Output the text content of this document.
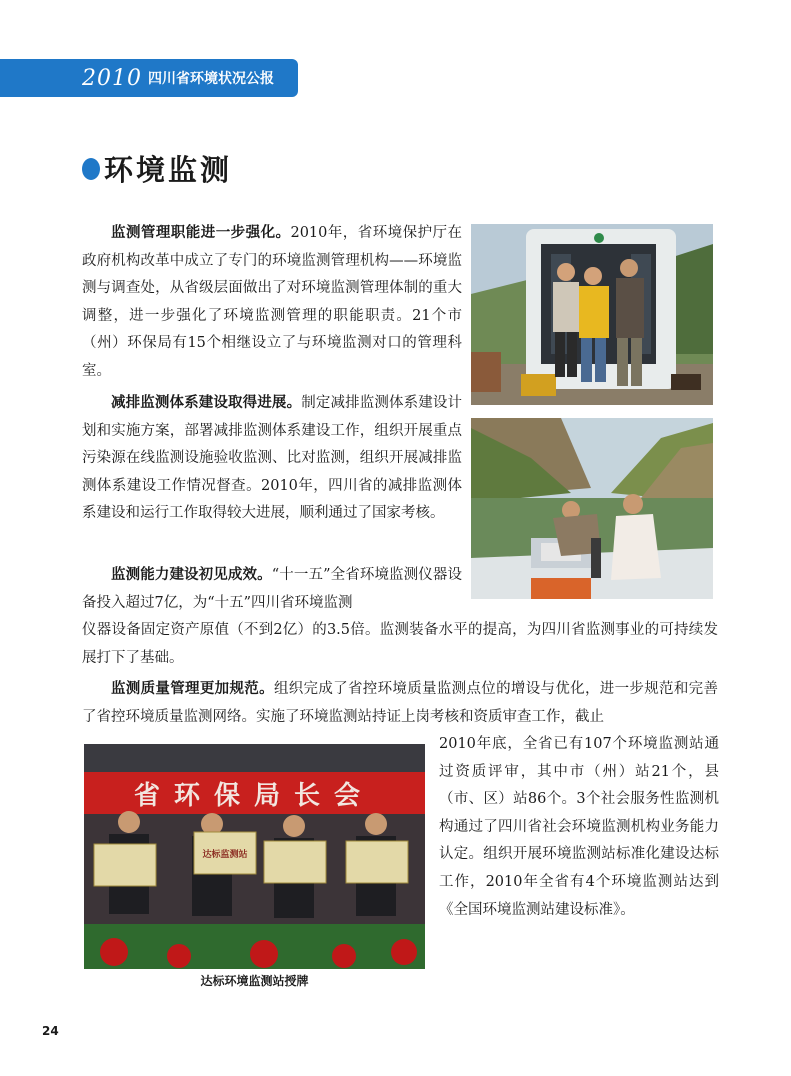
2010 四川省环境状况公报
环境监测

监测管理职能进一步强化。2010年，省环境保护厅在政府机构改革中成立了专门的环境监测管理机构——环境监测与调查处，从省级层面做出了对环境监测管理体制的重大调整，进一步强化了环境监测管理的职能职责。21个市（州）环保局有15个相继设立了与环境监测对口的管理科室。

减排监测体系建设取得进展。制定减排监测体系建设计划和实施方案，部署减排监测体系建设工作，组织开展重点污染源在线监测设施验收监测、比对监测，组织开展减排监测体系建设工作情况督查。2010年，四川省的减排监测体系建设和运行工作取得较大进展，顺利通过了国家考核。

监测能力建设初见成效。“十一五”全省环境监测仪器设备投入超过7亿，为“十五”四川省环境监测

仪器设备固定资产原值（不到2亿）的3.5倍。监测装备水平的提高，为四川省监测事业的可持续发展打下了基础。

监测质量管理更加规范。组织完成了省控环境质量监测点位的增设与优化，进一步规范和完善了省控环境质量监测网络。实施了环境监测站持证上岗考核和资质审查工作，截止

2010年底，全省已有107个环境监测站通过资质评审，其中市（州）站21个，县（市、区）站86个。3个社会服务性监测机构通过了四川省社会环境监测机构业务能力认定。组织开展环境监测站标准化建设达标工作，2010年全省有4个环境监测站达到《全国环境监测站建设标准》。

省环保局长会
达标监测站
达标环境监测站授牌
24
